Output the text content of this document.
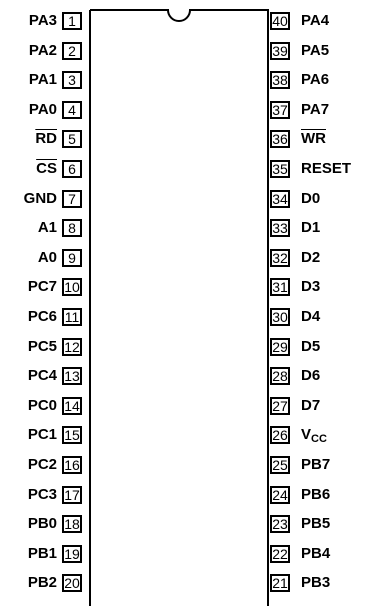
1
PA3
2
PA2
3
PA1
4
PA0
5
$\overline{RD}$
6
$\overline{CS}$
7
GND
8
A1
9
A0
10
PC7
11
PC6
12
PC5
13
PC4
14
PC0
15
PC1
16
PC2
17
PC3
18
PB0
19
PB1
20
PB2
40 PA4
39 PA5
38 PA6
37 PA7
36 $\overline{WR}$
35 RESET
34 D0
33 D1
32 D2
31 D3
30 D4
29 D5
28 D6
27 D7
26 $V_{CC}$
25 PB7
24 PB6
23 PB5
22 PB4
21 PB3
